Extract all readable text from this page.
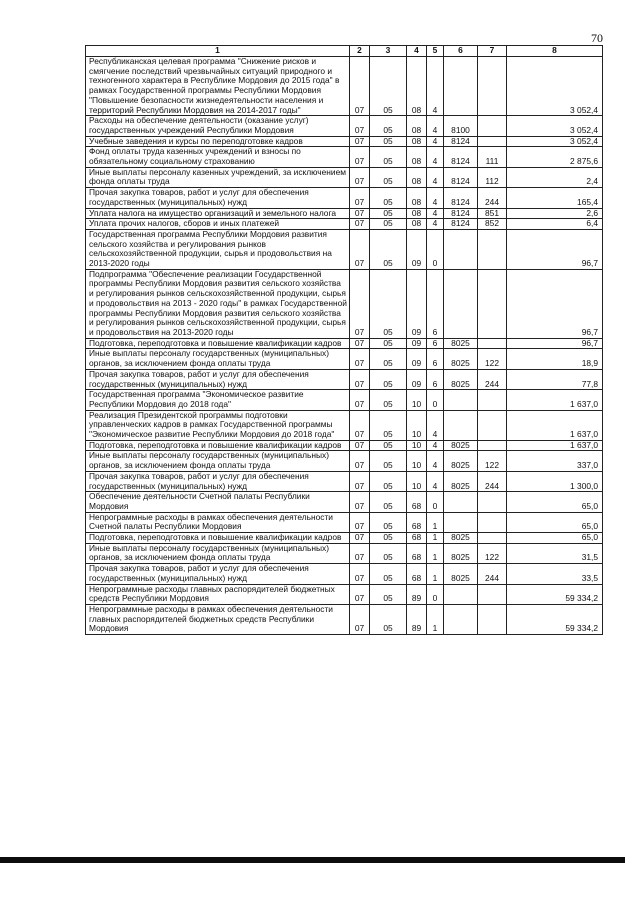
70
1	2	3	4	5	6	7	8
Республиканская целевая программа "Снижение рисков и смягчение последствий чрезвычайных ситуаций природного и техногенного характера в Республике Мордовия до 2015 года" в рамках Государственной программы Республики Мордовия "Повышение безопасности жизнедеятельности населения и территорий Республики Мордовия на 2014-2017 годы"	07	05	08	4			3 052,4
Расходы на обеспечение деятельности (оказание услуг) государственных учреждений Республики Мордовия	07	05	08	4	8100		3 052,4
Учебные заведения и курсы по переподготовке кадров	07	05	08	4	8124		3 052,4
Фонд оплаты труда казенных учреждений и взносы по обязательному социальному страхованию	07	05	08	4	8124	111	2 875,6
Иные выплаты персоналу казенных учреждений, за исключением фонда оплаты труда	07	05	08	4	8124	112	2,4
Прочая закупка товаров, работ и услуг для обеспечения государственных (муниципальных) нужд	07	05	08	4	8124	244	165,4
Уплата налога на имущество организаций и земельного налога	07	05	08	4	8124	851	2,6
Уплата прочих налогов, сборов и иных платежей	07	05	08	4	8124	852	6,4
Государственная программа Республики Мордовия развития сельского хозяйства и регулирования рынков сельскохозяйственной продукции, сырья и продовольствия на 2013-2020 годы	07	05	09	0			96,7
Подпрограмма "Обеспечение реализации Государственной программы Республики Мордовия развития сельского хозяйства и регулирования рынков сельскохозяйственной продукции, сырья и продовольствия на 2013 - 2020 годы" в рамках Государственной программы Республики Мордовия развития сельского хозяйства и регулирования рынков сельскохозяйственной продукции, сырья и продовольствия на 2013-2020 годы	07	05	09	6			96,7
Подготовка, переподготовка и повышение квалификации кадров	07	05	09	6	8025		96,7
Иные выплаты персоналу государственных (муниципальных) органов, за исключением фонда оплаты труда	07	05	09	6	8025	122	18,9
Прочая закупка товаров, работ и услуг для обеспечения государственных (муниципальных) нужд	07	05	09	6	8025	244	77,8
Государственная программа "Экономическое развитие Республики Мордовия до 2018 года"	07	05	10	0			1 637,0
Реализация Президентской программы подготовки управленческих кадров в рамках Государственной программы "Экономическое развитие Республики Мордовия до 2018 года"	07	05	10	4			1 637,0
Подготовка, переподготовка и повышение квалификации кадров	07	05	10	4	8025		1 637,0
Иные выплаты персоналу государственных (муниципальных) органов, за исключением фонда оплаты труда	07	05	10	4	8025	122	337,0
Прочая закупка товаров, работ и услуг для обеспечения государственных (муниципальных) нужд	07	05	10	4	8025	244	1 300,0
Обеспечение деятельности Счетной палаты Республики Мордовия	07	05	68	0			65,0
Непрограммные расходы в рамках обеспечения деятельности Счетной палаты Республики Мордовия	07	05	68	1			65,0
Подготовка, переподготовка и повышение квалификации кадров	07	05	68	1	8025		65,0
Иные выплаты персоналу государственных (муниципальных) органов, за исключением фонда оплаты труда	07	05	68	1	8025	122	31,5
Прочая закупка товаров, работ и услуг для обеспечения государственных (муниципальных) нужд	07	05	68	1	8025	244	33,5
Непрограммные расходы главных распорядителей бюджетных средств Республики Мордовия	07	05	89	0			59 334,2
Непрограммные расходы в рамках обеспечения деятельности главных распорядителей бюджетных средств Республики Мордовия	07	05	89	1			59 334,2
